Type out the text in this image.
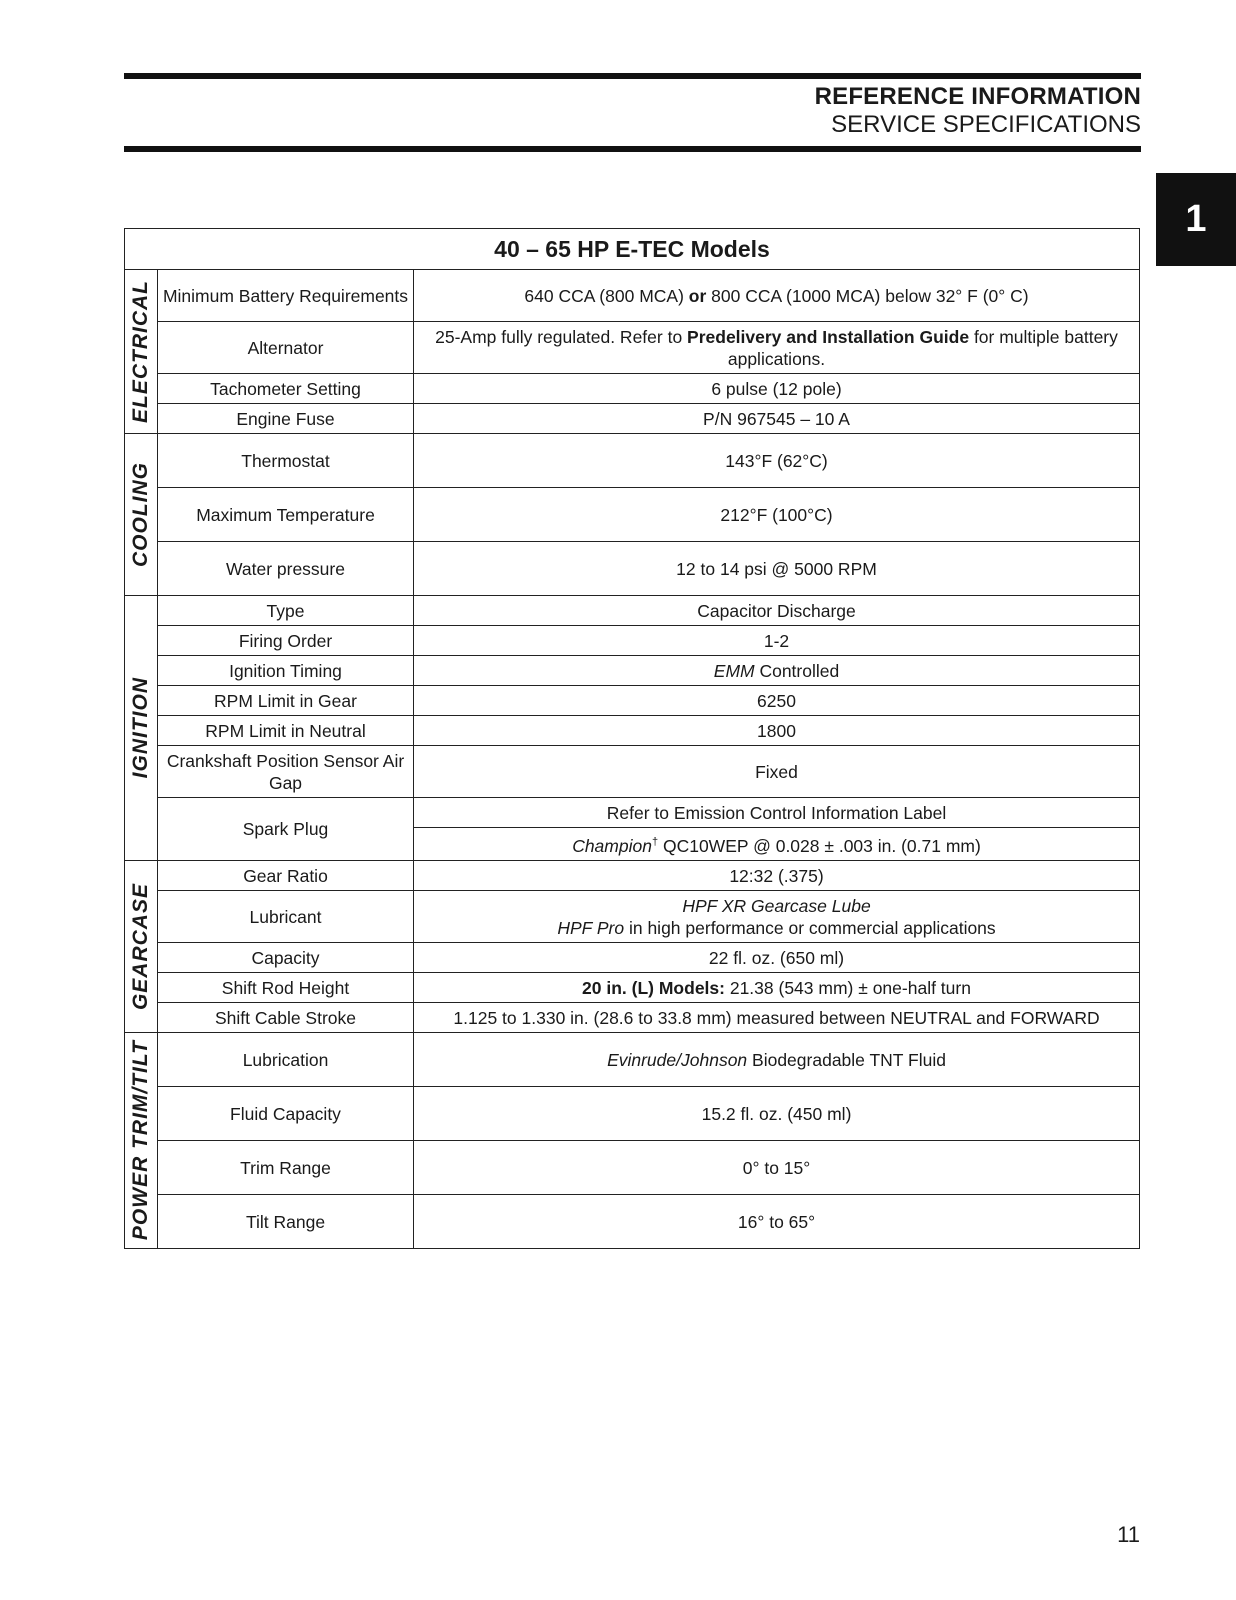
REFERENCE INFORMATION
SERVICE SPECIFICATIONS
1
40 – 65 HP E-TEC Models		

ELECTRICAL	Minimum Battery Requirements	640 CCA (800 MCA) or 800 CCA (1000 MCA) below 32° F (0° C)
	Alternator	25-Amp fully regulated. Refer to Predelivery and Installation Guide for multiple battery applications.
	Tachometer Setting	6 pulse (12 pole)
	Engine Fuse	P/N 967545 – 10 A

COOLING	Thermostat	143°F (62°C)
	Maximum Temperature	212°F (100°C)
	Water pressure	12 to 14 psi @ 5000 RPM

IGNITION	Type	Capacitor Discharge
	Firing Order	1-2
	Ignition Timing	EMM Controlled
	RPM Limit in Gear	6250
	RPM Limit in Neutral	1800
	Crankshaft Position Sensor Air Gap	Fixed
	Spark Plug	Refer to Emission Control Information Label
		Champion† QC10WEP @ 0.028 ± .003 in. (0.71 mm)

GEARCASE	Gear Ratio	12:32 (.375)
	Lubricant	HPF XR Gearcase Lube
HPF Pro in high performance or commercial applications

	Capacity	22 fl. oz. (650 ml)
	Shift Rod Height	20 in. (L) Models: 21.38 (543 mm) ± one-half turn
	Shift Cable Stroke	1.125 to 1.330 in. (28.6 to 33.8 mm) measured between NEUTRAL and FORWARD

POWER TRIM/TILT	Lubrication	Evinrude/Johnson Biodegradable TNT Fluid
	Fluid Capacity	15.2 fl. oz. (450 ml)
	Trim Range	0° to 15°
	Tilt Range	16° to 65°
11
